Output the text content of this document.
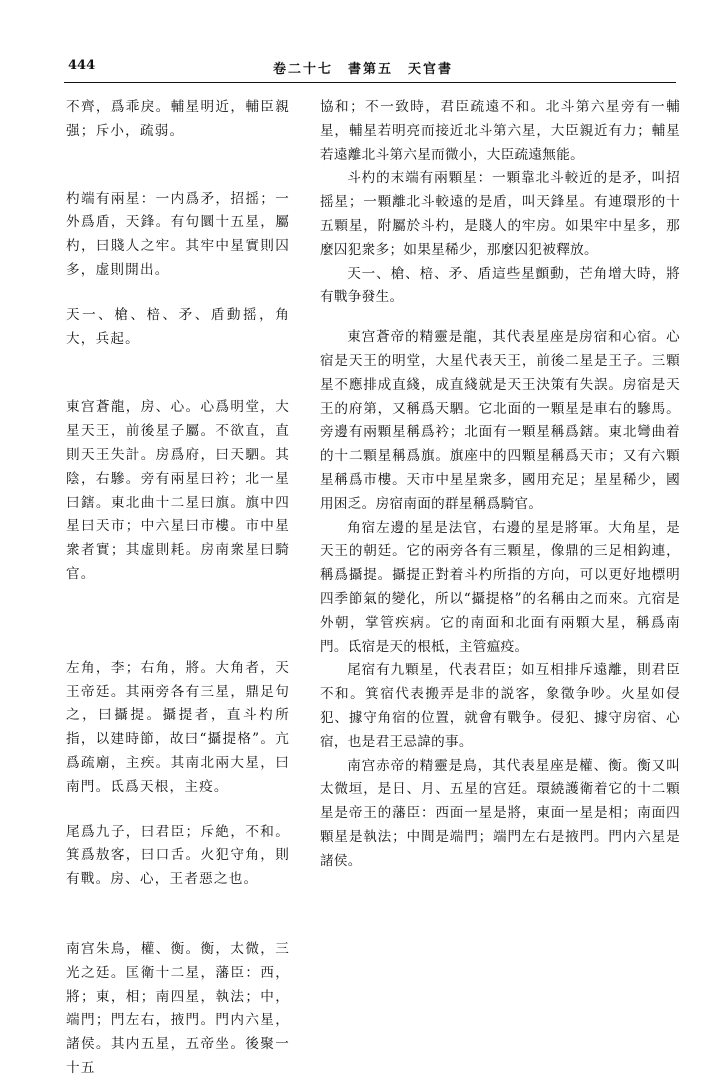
444	卷二十七　書第五　天官書

不齊，爲乖戾。輔星明近，輔臣親强；斥小，疏弱。

杓端有兩星：一内爲矛，招摇；一外爲盾，天鋒。有句圜十五星，屬杓，曰賤人之牢。其牢中星實則囚多，虚則開出。

天一、槍、棓、矛、盾動摇，角大，兵起。

東宫蒼龍，房、心。心爲明堂，大星天王，前後星子屬。不欲直，直則天王失計。房爲府，曰天駟。其陰，右驂。旁有兩星曰衿；北一星曰鎋。東北曲十二星曰旗。旗中四星曰天市；中六星曰市樓。市中星衆者實；其虚則耗。房南衆星曰騎官。

左角，李；右角，將。大角者，天王帝廷。其兩旁各有三星，鼎足句之，曰攝提。攝提者，直斗杓所指，以建時節，故曰“攝提格”。亢爲疏廟，主疾。其南北兩大星，曰南門。氐爲天根，主疫。

尾爲九子，曰君臣；斥絶，不和。箕爲敖客，曰口舌。火犯守角，則有戰。房、心，王者惡之也。

南宫朱鳥，權、衡。衡，太微，三光之廷。匡衛十二星，藩臣：西，將；東，相；南四星，執法；中，端門；門左右，掖門。門内六星，諸侯。其内五星，五帝坐。後聚一十五

協和；不一致時，君臣疏遠不和。北斗第六星旁有一輔星，輔星若明亮而接近北斗第六星，大臣親近有力；輔星若遠離北斗第六星而微小，大臣疏遠無能。

斗杓的末端有兩顆星：一顆靠北斗較近的是矛，叫招摇星；一顆離北斗較遠的是盾，叫天鋒星。有連環形的十五顆星，附屬於斗杓，是賤人的牢房。如果牢中星多，那麼囚犯衆多；如果星稀少，那麼囚犯被釋放。

天一、槍、棓、矛、盾這些星顫動，芒角增大時，將有戰争發生。

東宫蒼帝的精靈是龍，其代表星座是房宿和心宿。心宿是天王的明堂，大星代表天王，前後二星是王子。三顆星不應排成直綫，成直綫就是天王決策有失誤。房宿是天王的府第，又稱爲天駟。它北面的一顆星是車右的驂馬。旁邊有兩顆星稱爲衿；北面有一顆星稱爲鎋。東北彎曲着的十二顆星稱爲旗。旗座中的四顆星稱爲天市；又有六顆星稱爲市樓。天市中星星衆多，國用充足；星星稀少，國用困乏。房宿南面的群星稱爲騎官。

角宿左邊的星是法官，右邊的星是將軍。大角星，是天王的朝廷。它的兩旁各有三顆星，像鼎的三足相鈎連，稱爲攝提。攝提正對着斗杓所指的方向，可以更好地標明四季節氣的變化，所以“攝提格”的名稱由之而來。亢宿是外朝，掌管疾病。它的南面和北面有兩顆大星，稱爲南門。氐宿是天的根柢，主管瘟疫。

尾宿有九顆星，代表君臣；如互相排斥遠離，則君臣不和。箕宿代表搬弄是非的説客，象徵争吵。火星如侵犯、據守角宿的位置，就會有戰争。侵犯、據守房宿、心宿，也是君王忌諱的事。

南宫赤帝的精靈是鳥，其代表星座是權、衡。衡又叫太微垣，是日、月、五星的宫廷。環繞護衛着它的十二顆星是帝王的藩臣：西面一星是將，東面一星是相；南面四顆星是執法；中間是端門；端門左右是掖門。門内六星是諸侯。
